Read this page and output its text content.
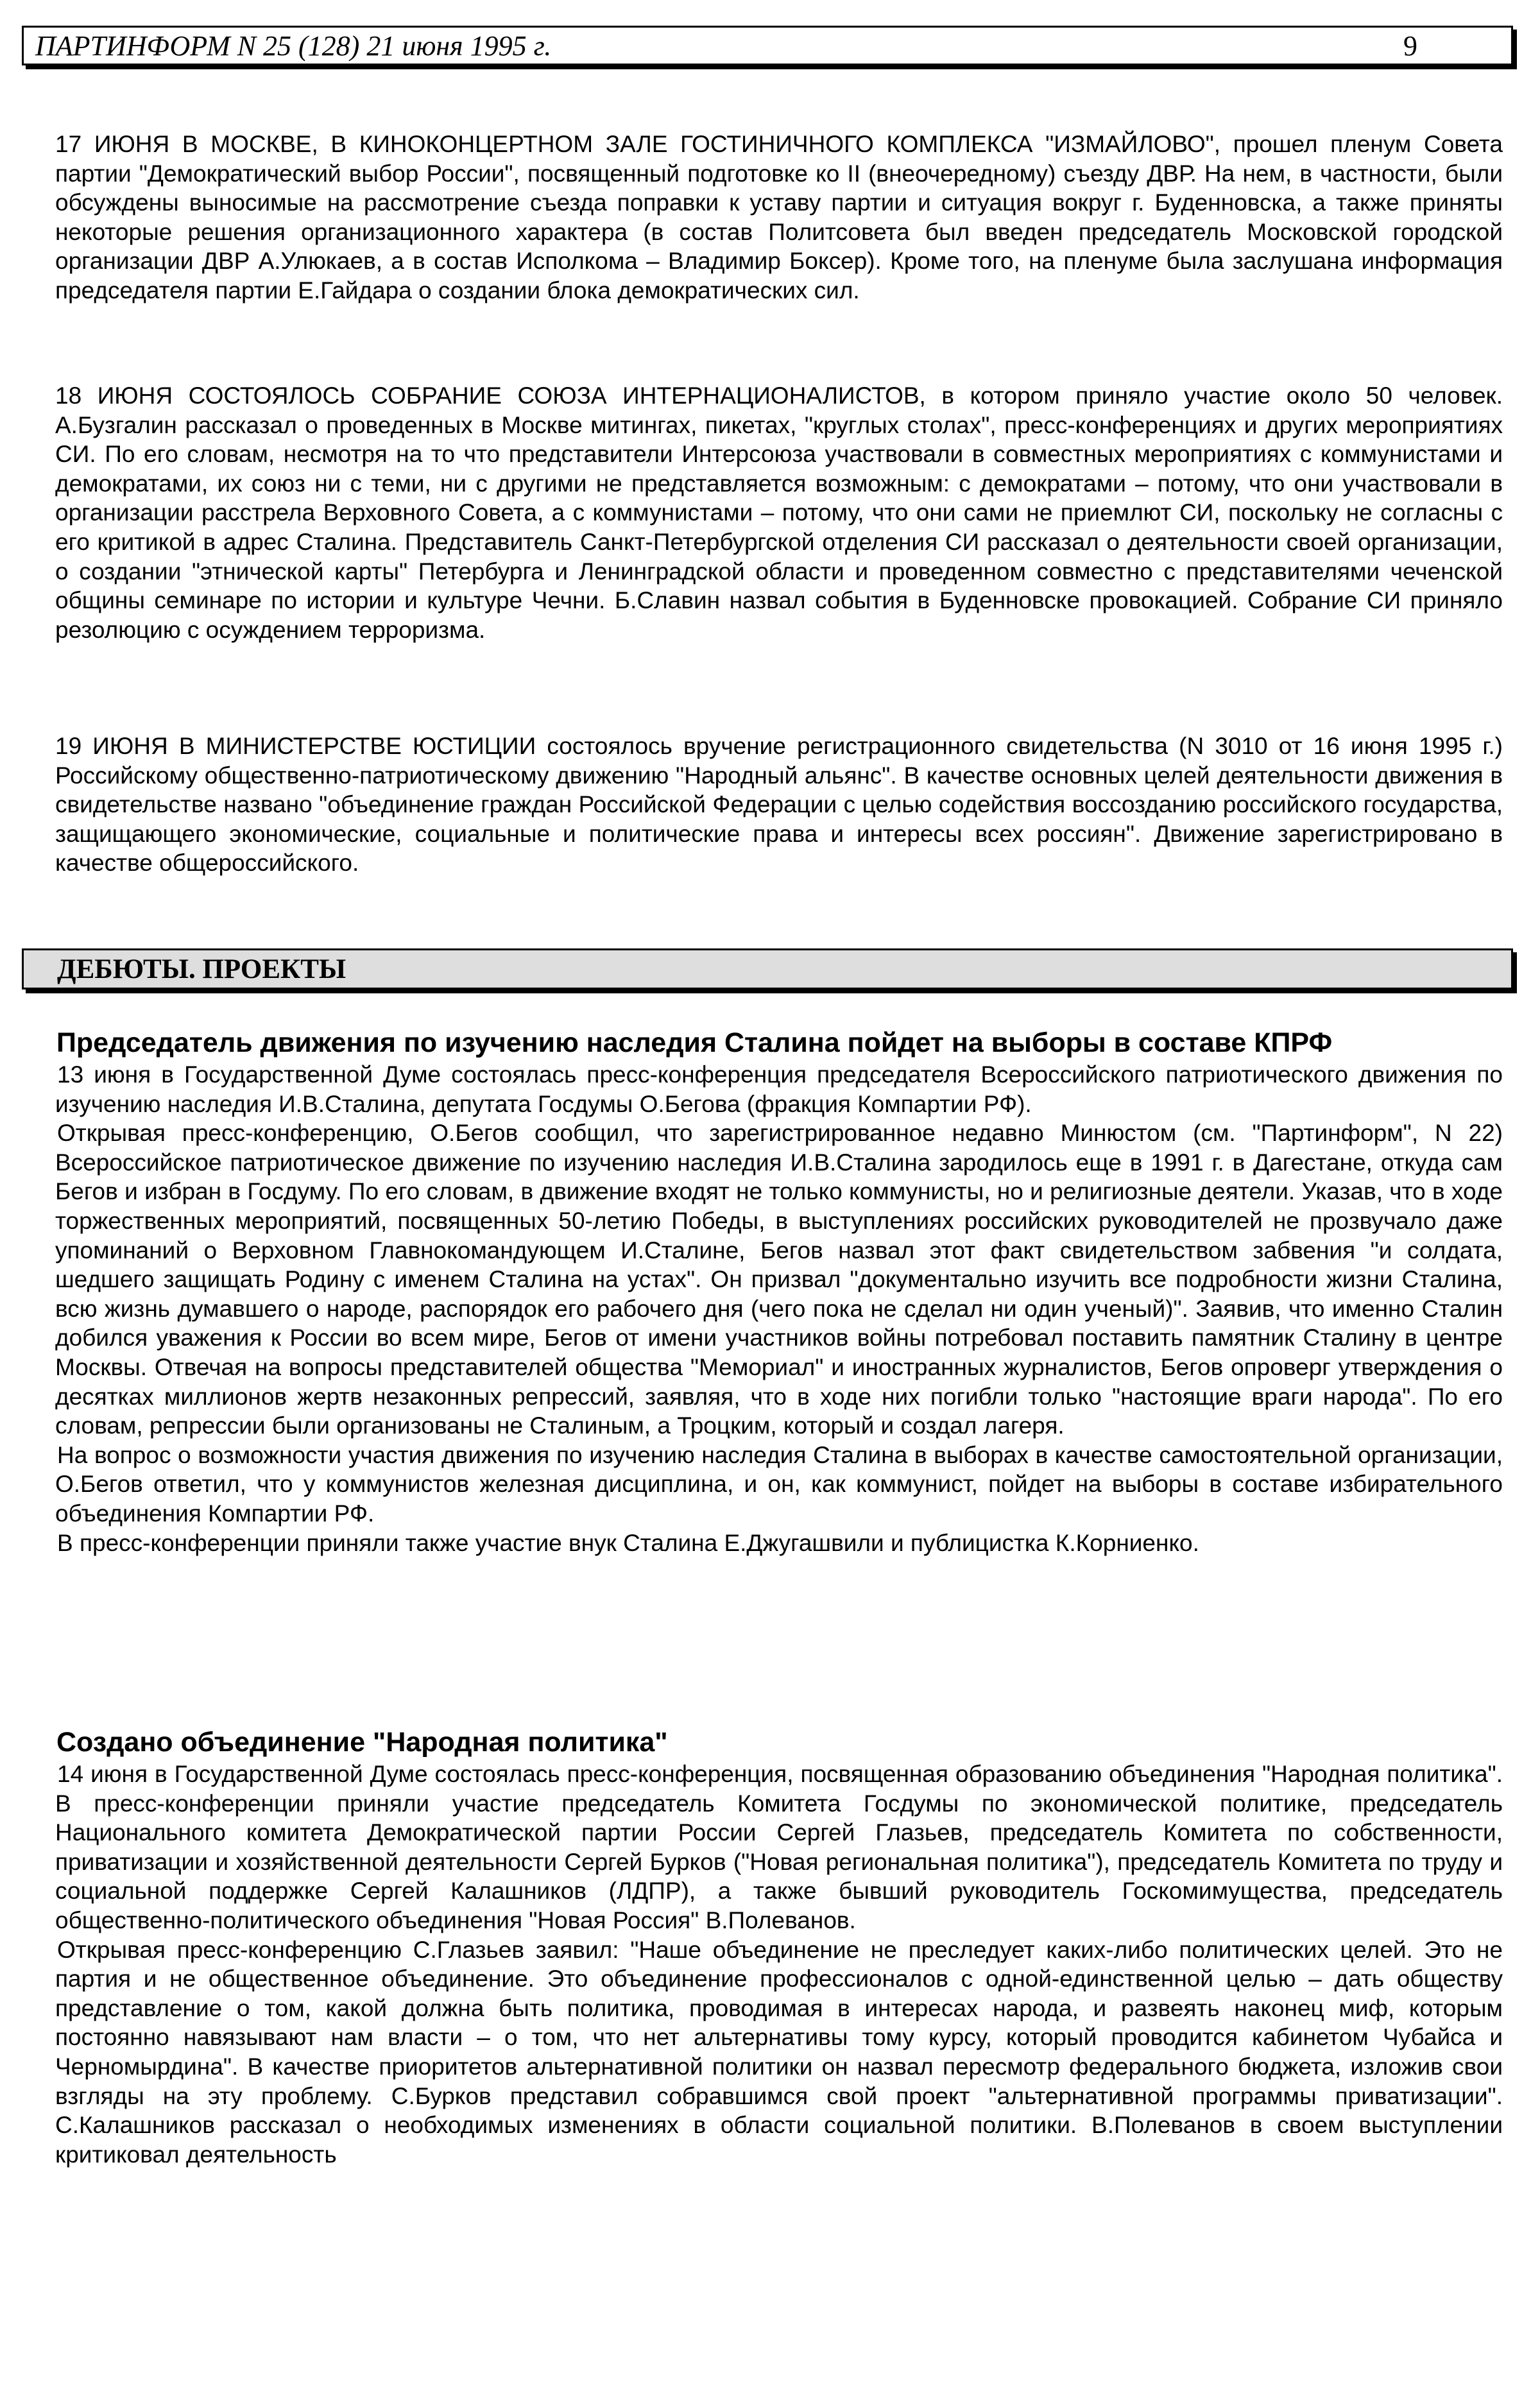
ПАРТИНФОРМ N 25 (128) 21 июня 1995 г.	9

17 ИЮНЯ В МОСКВЕ, В КИНОКОНЦЕРТНОМ ЗАЛЕ ГОСТИНИЧНОГО КОМПЛЕКСА "ИЗМАЙЛОВО", прошел пленум Совета партии "Демократический выбор России", посвященный подготовке ко II (внеочередному) съезду ДВР. На нем, в частности, были обсуждены выносимые на рассмотрение съезда поправки к уставу партии и ситуация вокруг г. Буденновска, а также приняты некоторые решения организационного характера (в состав Политсовета был введен председатель Московской городской организации ДВР А.Улюкаев, а в состав Исполкома – Владимир Боксер). Кроме того, на пленуме была заслушана информация председателя партии Е.Гайдара о создании блока демократических сил.

18 ИЮНЯ СОСТОЯЛОСЬ СОБРАНИЕ СОЮЗА ИНТЕРНАЦИОНАЛИСТОВ, в котором приняло участие около 50 человек. А.Бузгалин рассказал о проведенных в Москве митингах, пикетах, "круглых столах", пресс-конференциях и других мероприятиях СИ. По его словам, несмотря на то что представители Интерсоюза участвовали в совместных мероприятиях с коммунистами и демократами, их союз ни с теми, ни с другими не представляется возможным: с демократами – потому, что они участвовали в организации расстрела Верховного Совета, а с коммунистами – потому, что они сами не приемлют СИ, поскольку не согласны с его критикой в адрес Сталина. Представитель Санкт-Петербургской отделения СИ рассказал о деятельности своей организации, о создании "этнической карты" Петербурга и Ленинградской области и проведенном совместно с представителями чеченской общины семинаре по истории и культуре Чечни. Б.Славин назвал события в Буденновске провокацией. Собрание СИ приняло резолюцию с осуждением терроризма.

19 ИЮНЯ В МИНИСТЕРСТВЕ ЮСТИЦИИ состоялось вручение регистрационного свидетельства (N 3010 от 16 июня 1995 г.) Российскому общественно-патриотическому движению "Народный альянс". В качестве основных целей деятельности движения в свидетельстве названо "объединение граждан Российской Федерации с целью содействия воссозданию российского государства, защищающего экономические, социальные и политические права и интересы всех россиян". Движение зарегистрировано в качестве общероссийского.

ДЕБЮТЫ. ПРОЕКТЫ
Председатель движения по изучению наследия Сталина пойдет на выборы в составе КПРФ

13 июня в Государственной Думе состоялась пресс-конференция председателя Всероссийского патриотического движения по изучению наследия И.В.Сталина, депутата Госдумы О.Бегова (фракция Компартии РФ).

Открывая пресс-конференцию, О.Бегов сообщил, что зарегистрированное недавно Минюстом (см. "Партинформ", N 22) Всероссийское патриотическое движение по изучению наследия И.В.Сталина зародилось еще в 1991 г. в Дагестане, откуда сам Бегов и избран в Госдуму. По его словам, в движение входят не только коммунисты, но и религиозные деятели. Указав, что в ходе торжественных мероприятий, посвященных 50-летию Победы, в выступлениях российских руководителей не прозвучало даже упоминаний о Верховном Главнокомандующем И.Сталине, Бегов назвал этот факт свидетельством забвения "и солдата, шедшего защищать Родину с именем Сталина на устах". Он призвал "документально изучить все подробности жизни Сталина, всю жизнь думавшего о народе, распорядок его рабочего дня (чего пока не сделал ни один ученый)". Заявив, что именно Сталин добился уважения к России во всем мире, Бегов от имени участников войны потребовал поставить памятник Сталину в центре Москвы. Отвечая на вопросы представителей общества "Мемориал" и иностранных журналистов, Бегов опроверг утверждения о десятках миллионов жертв незаконных репрессий, заявляя, что в ходе них погибли только "настоящие враги народа". По его словам, репрессии были организованы не Сталиным, а Троцким, который и создал лагеря.

На вопрос о возможности участия движения по изучению наследия Сталина в выборах в качестве самостоятельной организации, О.Бегов ответил, что у коммунистов железная дисциплина, и он, как коммунист, пойдет на выборы в составе избирательного объединения Компартии РФ.

В пресс-конференции приняли также участие внук Сталина Е.Джугашвили и публицистка К.Корниенко.

Создано объединение "Народная политика"

14 июня в Государственной Думе состоялась пресс-конференция, посвященная образованию объединения "Народная политика". В пресс-конференции приняли участие председатель Комитета Госдумы по экономической политике, председатель Национального комитета Демократической партии России Сергей Глазьев, председатель Комитета по собственности, приватизации и хозяйственной деятельности Сергей Бурков ("Новая региональная политика"), председатель Комитета по труду и социальной поддержке Сергей Калашников (ЛДПР), а также бывший руководитель Госкомимущества, председатель общественно-политического объединения "Новая Россия" В.Полеванов.

Открывая пресс-конференцию С.Глазьев заявил: "Наше объединение не преследует каких-либо политических целей. Это не партия и не общественное объединение. Это объединение профессионалов с одной-единственной целью – дать обществу представление о том, какой должна быть политика, проводимая в интересах народа, и развеять наконец миф, которым постоянно навязывают нам власти – о том, что нет альтернативы тому курсу, который проводится кабинетом Чубайса и Черномырдина". В качестве приоритетов альтернативной политики он назвал пересмотр федерального бюджета, изложив свои взгляды на эту проблему. С.Бурков представил собравшимся свой проект "альтернативной программы приватизации". С.Калашников рассказал о необходимых изменениях в области социальной политики. В.Полеванов в своем выступлении критиковал деятельность
